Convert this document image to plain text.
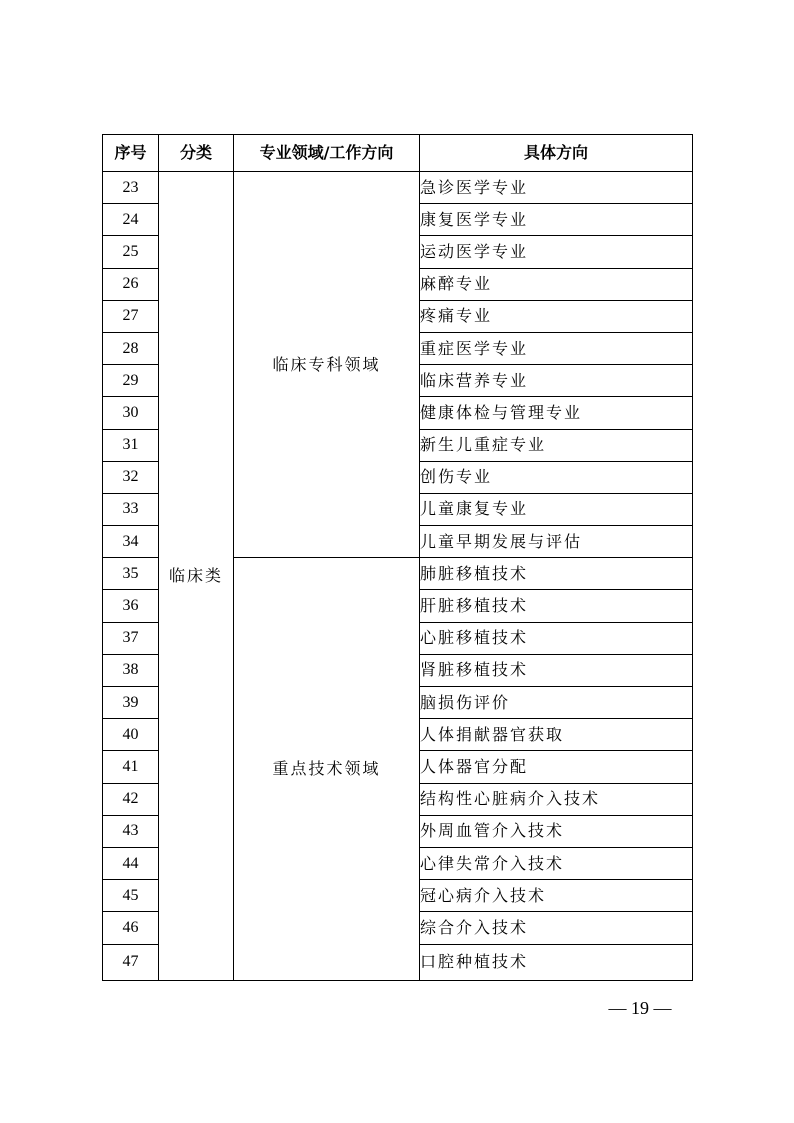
序号	分类	专业领域/工作方向	具体方向
23	临床类	临床专科领域	急诊医学专业
24			康复医学专业
25			运动医学专业
26			麻醉专业
27			疼痛专业
28			重症医学专业
29			临床营养专业
30			健康体检与管理专业
31			新生儿重症专业
32			创伤专业
33			儿童康复专业
34			儿童早期发展与评估
35		重点技术领域	肺脏移植技术
36			肝脏移植技术
37			心脏移植技术
38			肾脏移植技术
39			脑损伤评价
40			人体捐献器官获取
41			人体器官分配
42			结构性心脏病介入技术
43			外周血管介入技术
44			心律失常介入技术
45			冠心病介入技术
46			综合介入技术
47			口腔种植技术
— 19 —
